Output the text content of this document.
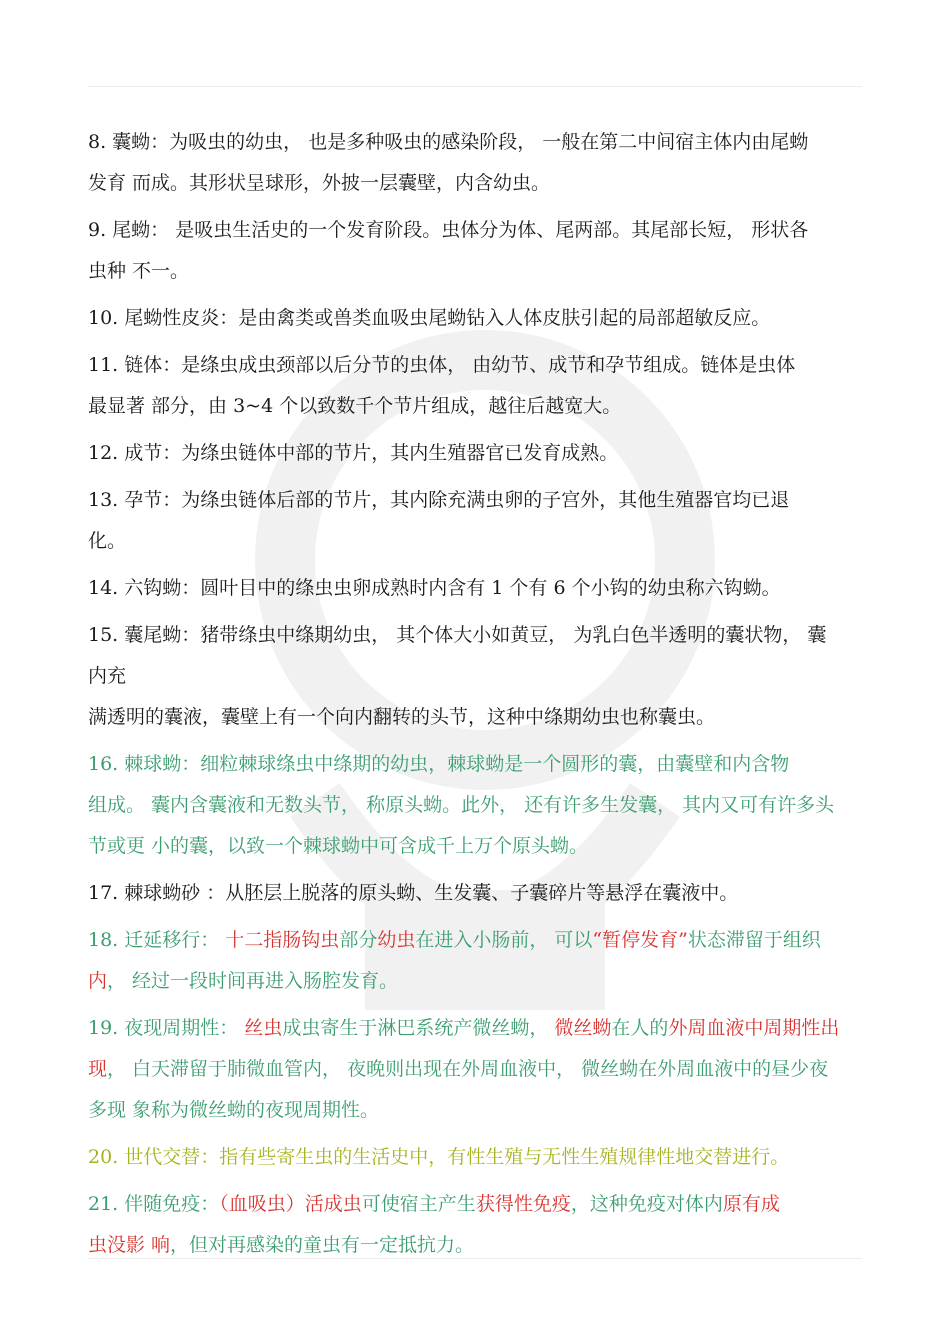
8. 囊蚴：为吸虫的幼虫， 也是多种吸虫的感染阶段， 一般在第二中间宿主体内由尾蚴
发育 而成。其形状呈球形，外披一层囊壁，内含幼虫。
9. 尾蚴： 是吸虫生活史的一个发育阶段。虫体分为体、尾两部。其尾部长短， 形状各
虫种 不一。
10. 尾蚴性皮炎：是由禽类或兽类血吸虫尾蚴钻入人体皮肤引起的局部超敏反应。
11. 链体：是绦虫成虫颈部以后分节的虫体， 由幼节、成节和孕节组成。链体是虫体
最显著 部分，由 3~4 个以致数千个节片组成，越往后越宽大。
12. 成节：为绦虫链体中部的节片，其内生殖器官已发育成熟。
13. 孕节：为绦虫链体后部的节片，其内除充满虫卵的子宫外，其他生殖器官均已退
化。
14. 六钩蚴：圆叶目中的绦虫虫卵成熟时内含有 1 个有 6 个小钩的幼虫称六钩蚴。
15. 囊尾蚴：猪带绦虫中绦期幼虫， 其个体大小如黄豆， 为乳白色半透明的囊状物， 囊
内充
满透明的囊液，囊壁上有一个向内翻转的头节，这种中绦期幼虫也称囊虫。
16. 棘球蚴：细粒棘球绦虫中绦期的幼虫，棘球蚴是一个圆形的囊，由囊壁和内含物
组成。 囊内含囊液和无数头节， 称原头蚴。此外， 还有许多生发囊， 其内又可有许多头
节或更 小的囊，以致一个棘球蚴中可含成千上万个原头蚴。
17. 棘球蚴砂 ：从胚层上脱落的原头蚴、生发囊、子囊碎片等悬浮在囊液中。
18. 迁延移行： 十二指肠钩虫部分幼虫在进入小肠前， 可以“暂停发育”状态滞留于组织
内， 经过一段时间再进入肠腔发育。
19. 夜现周期性： 丝虫成虫寄生于淋巴系统产微丝蚴， 微丝蚴在人的外周血液中周期性出
现， 白天滞留于肺微血管内， 夜晚则出现在外周血液中， 微丝蚴在外周血液中的昼少夜
多现 象称为微丝蚴的夜现周期性。
20. 世代交替：指有些寄生虫的生活史中，有性生殖与无性生殖规律性地交替进行。
21. 伴随免疫：（血吸虫）活成虫可使宿主产生获得性免疫，这种免疫对体内原有成
虫没影 响，但对再感染的童虫有一定抵抗力。
